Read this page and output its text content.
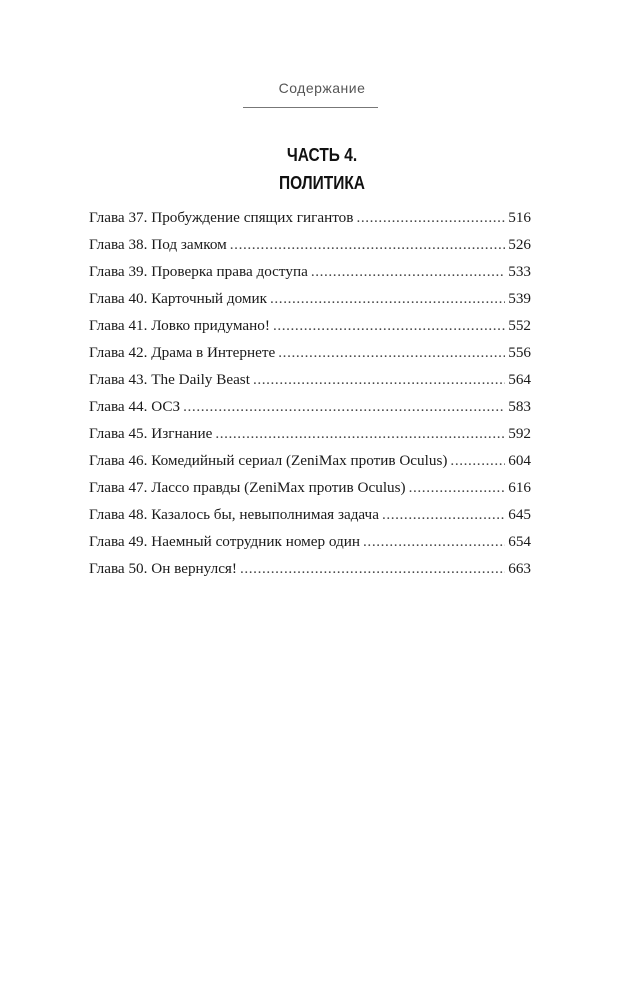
Содержание
ЧАСТЬ 4.
ПОЛИТИКА
Глава 37. Пробуждение спящих гигантов .....	516
Глава 38. Под замком .....	526
Глава 39. Проверка права доступа .....	533
Глава 40. Карточный домик .....	539
Глава 41. Ловко придумано! .....	552
Глава 42. Драма в Интернете .....	556
Глава 43. The Daily Beast .....	564
Глава 44. ОСЗ .....	583
Глава 45. Изгнание .....	592
Глава 46. Комедийный сериал (ZeniMax против Oculus) .....	604
Глава 47. Лассо правды (ZeniMax против Oculus) .....	616
Глава 48. Казалось бы, невыполнимая задача .....	645
Глава 49. Наемный сотрудник номер один .....	654
Глава 50. Он вернулся! .....	663
